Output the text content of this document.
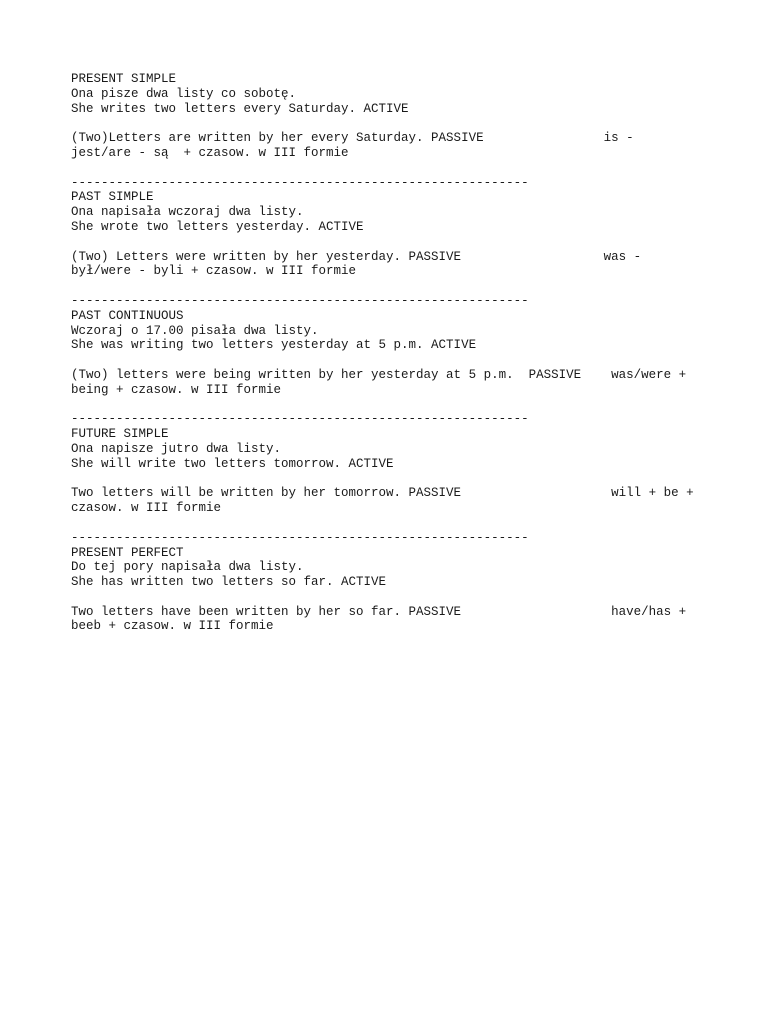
PRESENT SIMPLE
Ona pisze dwa listy co sobotę.
She writes two letters every Saturday. ACTIVE
(Two)Letters are written by her every Saturday. PASSIVE                is -
jest/are - są  + czasow. w III formie
-------------------------------------------------------------
PAST SIMPLE
Ona napisała wczoraj dwa listy.
She wrote two letters yesterday. ACTIVE
(Two) Letters were written by her yesterday. PASSIVE                   was -
był/were - byli + czasow. w III formie
-------------------------------------------------------------
PAST CONTINUOUS
Wczoraj o 17.00 pisała dwa listy.
She was writing two letters yesterday at 5 p.m. ACTIVE
(Two) letters were being written by her yesterday at 5 p.m.  PASSIVE    was/were +
being + czasow. w III formie
-------------------------------------------------------------
FUTURE SIMPLE
Ona napisze jutro dwa listy.
She will write two letters tomorrow. ACTIVE
Two letters will be written by her tomorrow. PASSIVE                    will + be +
czasow. w III formie
-------------------------------------------------------------
PRESENT PERFECT
Do tej pory napisała dwa listy.
She has written two letters so far. ACTIVE
Two letters have been written by her so far. PASSIVE                    have/has +
beeb + czasow. w III formie
